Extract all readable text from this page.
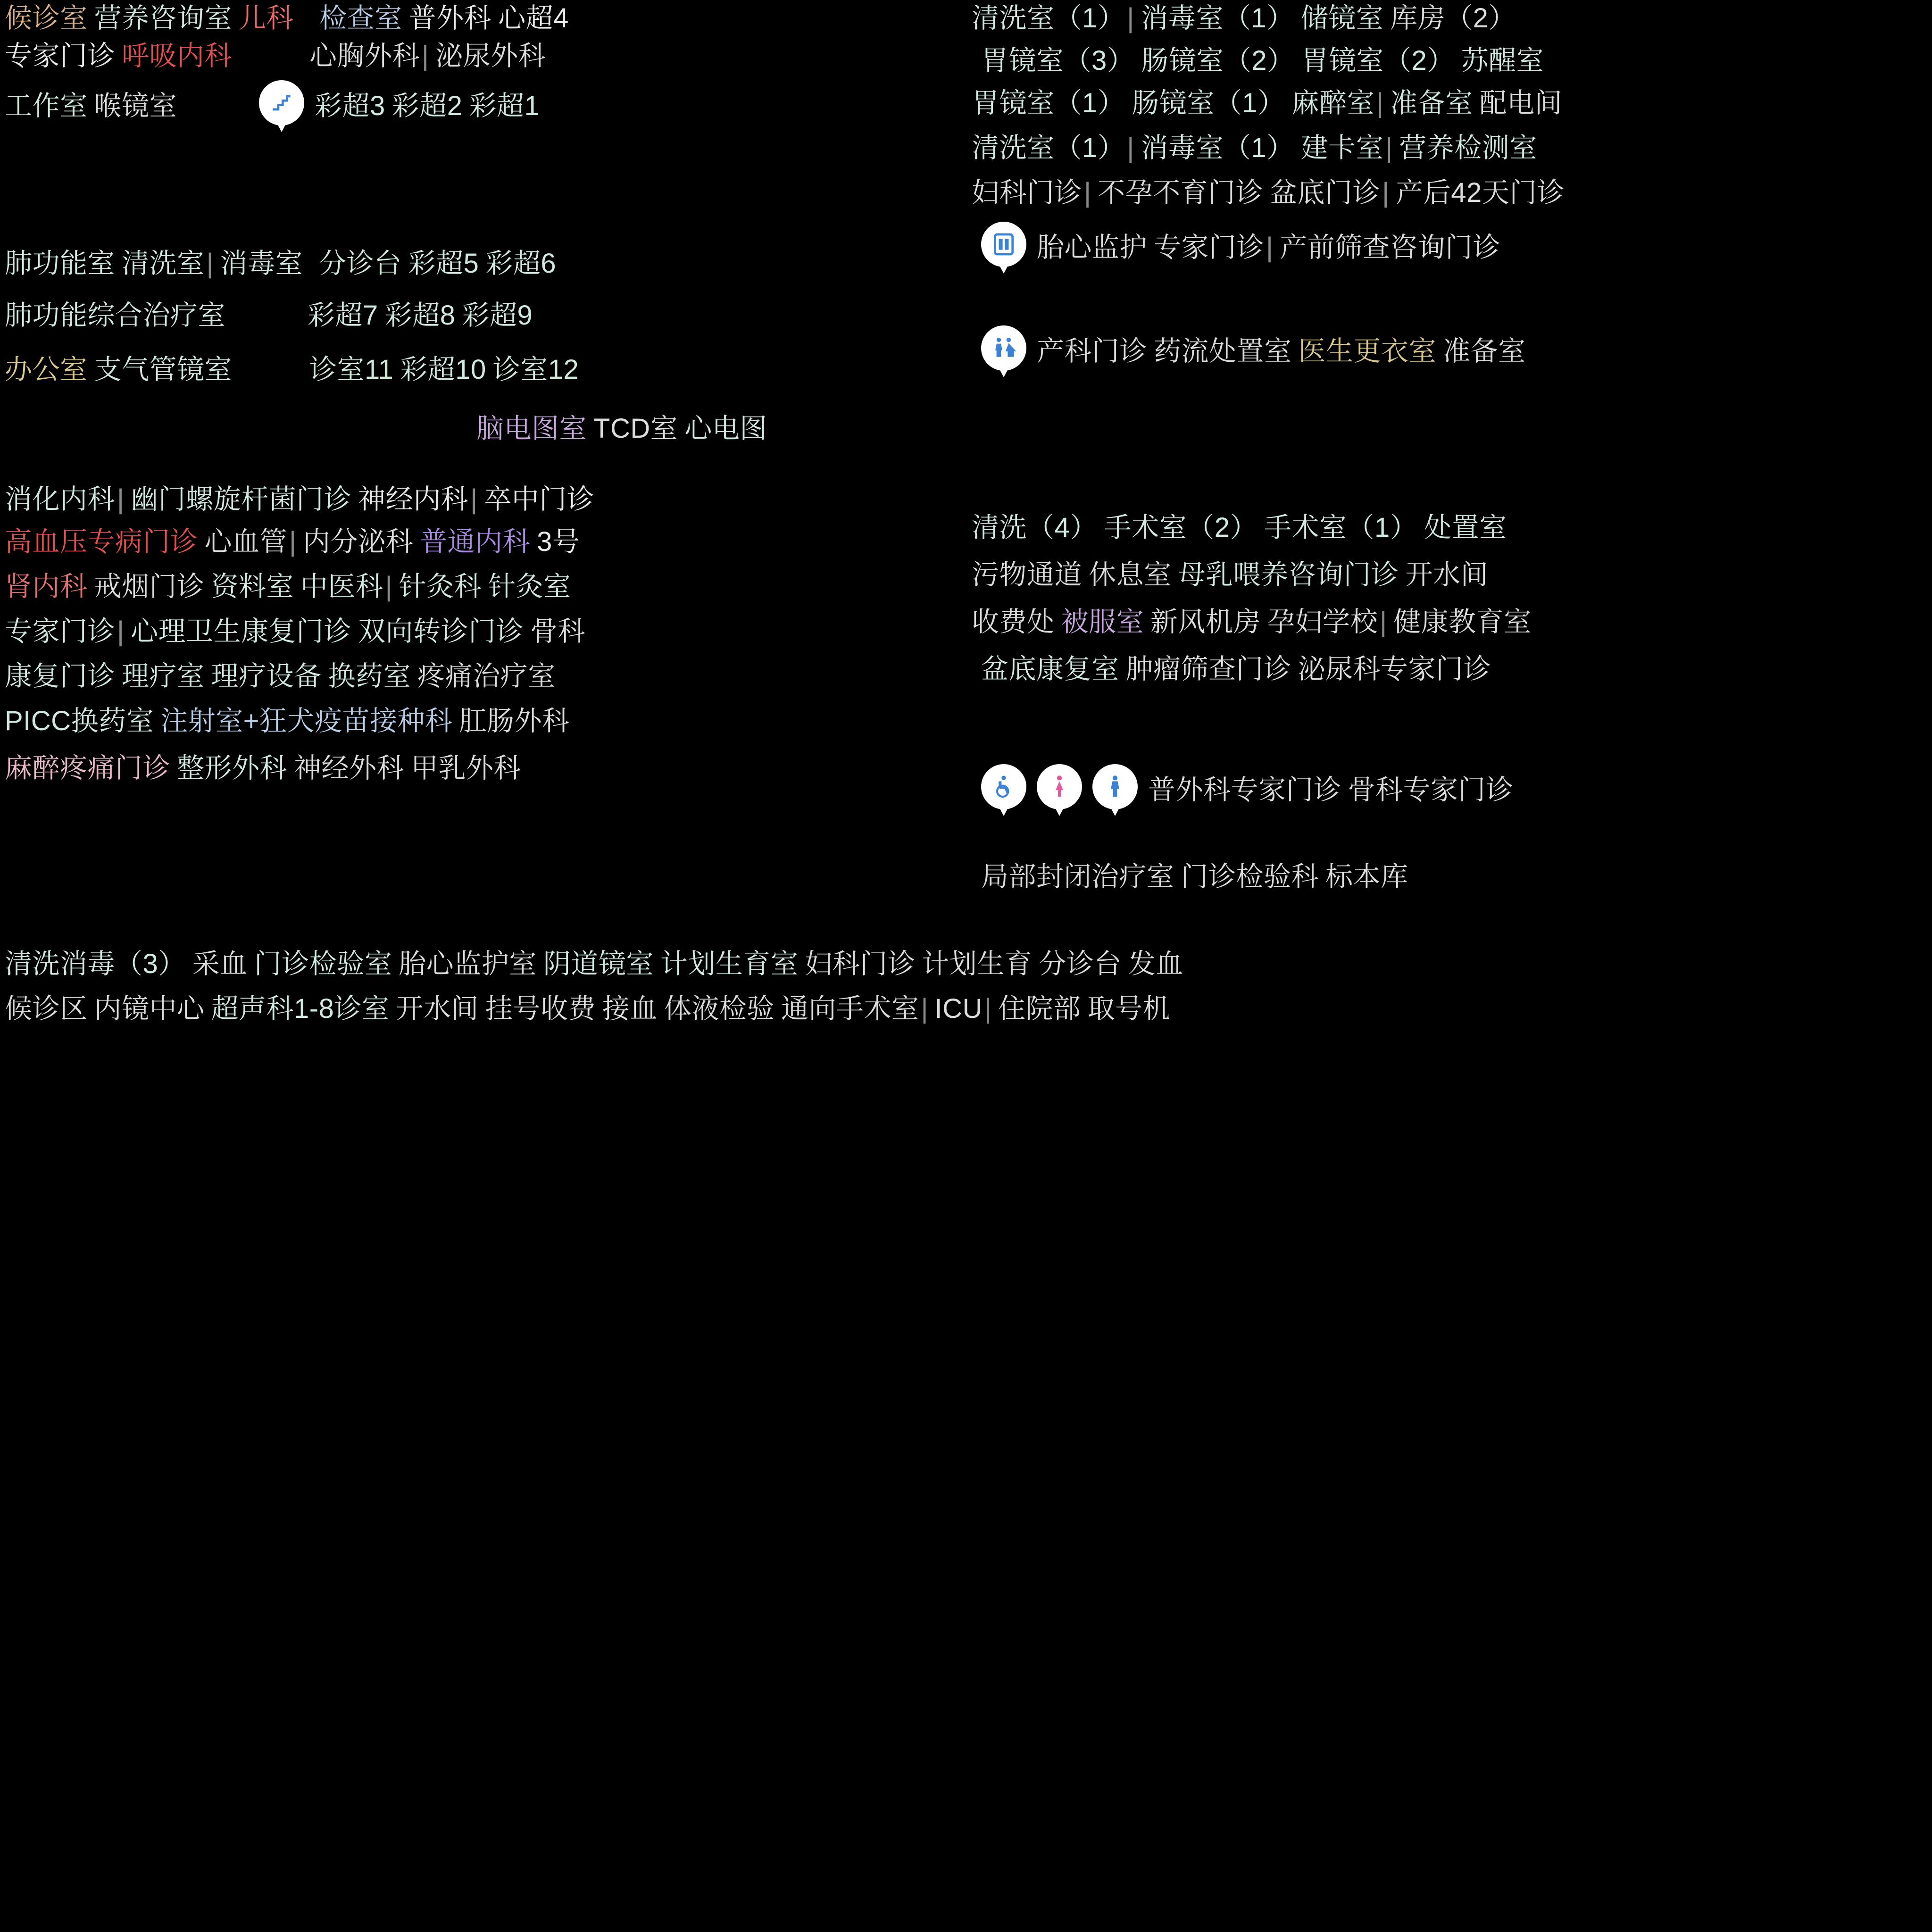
候诊室 营养咨询室 儿科 检查室 普外科 心超4
专家门诊 呼吸内科	心胸外科 | 泌尿外科
工作室 喉镜室	彩超3 彩超2 彩超1
肺功能室 清洗室 | 消毒室 分诊台 彩超5 彩超6
肺功能综合治疗室	彩超7 彩超8 彩超9
办公室 支气管镜室	诊室11 彩超10 诊室12
脑电图室 TCD室 心电图
消化内科 | 幽门螺旋杆菌门诊 神经内科 | 卒中门诊
高血压专病门诊 心血管 | 内分泌科 普通内科 3号
肾内科 戒烟门诊 资料室 中医科 | 针灸科 针灸室
专家门诊 | 心理卫生康复门诊 双向转诊门诊 骨科
康复门诊 理疗室 理疗设备 换药室 疼痛治疗室
PICC换药室 注射室+狂犬疫苗接种科 肛肠外科
麻醉疼痛门诊 整形外科 神经外科 甲乳外科
清洗室（1） | 消毒室（1） 储镜室 库房（2）
胃镜室（3） 肠镜室（2） 胃镜室（2） 苏醒室
胃镜室（1） 肠镜室（1） 麻醉室 | 准备室 配电间
清洗室（1） | 消毒室（1） 建卡室 | 营养检测室
妇科门诊 | 不孕不育门诊 盆底门诊 | 产后42天门诊
胎心监护 专家门诊 | 产前筛查咨询门诊
产科门诊 药流处置室 医生更衣室 准备室
清洗（4） 手术室（2） 手术室（1） 处置室
污物通道 休息室 母乳喂养咨询门诊 开水间
收费处 被服室 新风机房 孕妇学校 | 健康教育室
盆底康复室 肿瘤筛查门诊 泌尿科专家门诊
普外科专家门诊 骨科专家门诊
局部封闭治疗室 门诊检验科 标本库
清洗消毒（3） 采血 门诊检验室 胎心监护室 阴道镜室 计划生育室 妇科门诊 计划生育 分诊台 发血
候诊区 内镜中心 超声科1-8诊室 开水间 挂号收费 接血 体液检验 通向手术室 | ICU | 住院部 取号机
